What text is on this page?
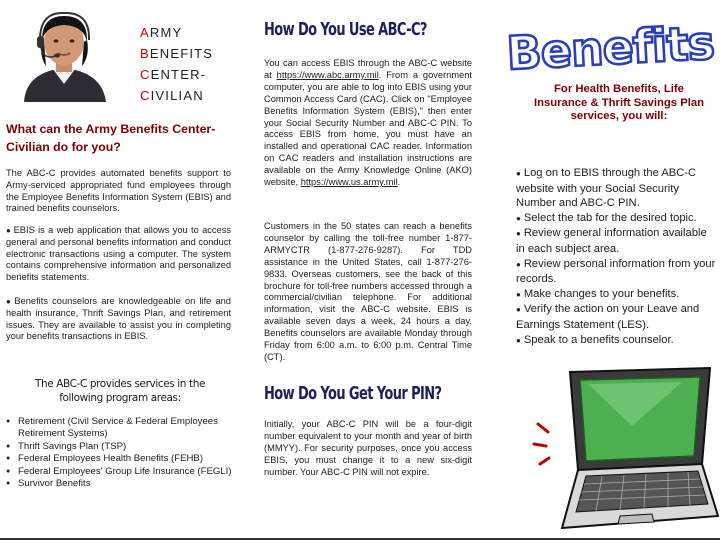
ARMY
BENEFITS
CENTER-
CIVILIAN
What can the Army Benefits Center-Civilian do for you?
The ABC-C provides automated benefits support to Army-serviced appropriated fund employees through the Employee Benefits Information System (EBIS) and trained benefits counselors.
● EBIS is a web application that allows you to access general and personal benefits information and conduct electronic transactions using a computer. The system contains comprehensive information and personalized benefits statements.
● Benefits counselors are knowledgeable on life and health insurance, Thrift Savings Plan, and retirement issues. They are available to assist you in completing your benefits transactions in EBIS.
The ABC-C provides services in the
following program areas:
● Retirement (Civil Service & Federal Employees Retirement Systems)
● Thrift Savings Plan (TSP)
● Federal Employees Health Benefits (FEHB)
● Federal Employees' Group Life Insurance (FEGLI)
● Survivor Benefits
How Do You Use ABC-C?
You can access EBIS through the ABC-C website at https://www.abc.army.mil. From a government computer, you are able to log into EBIS using your Common Access Card (CAC). Click on "Employee Benefits Information System (EBIS)," then enter your Social Security Number and ABC-C PIN. To access EBIS from home, you must have an installed and operational CAC reader. Information on CAC readers and installation instructions are available on the Army Knowledge Online (AKO) website, https://www.us.army.mil.
Customers in the 50 states can reach a benefits counselor by calling the toll-free number 1-877-ARMYCTR (1-877-276-9287). For TDD assistance in the United States, call 1-877-276-9833. Overseas customers, see the back of this brochure for toll-free numbers accessed through a commercial/civilian telephone. For additional information, visit the ABC-C website. EBIS is available seven days a week, 24 hours a day. Benefits counselors are available Monday through Friday from 6:00 a.m. to 6:00 p.m. Central Time (CT).
How Do You Get Your PIN?
Initially, your ABC-C PIN will be a four-digit number equivalent to your month and year of birth (MMYY). For security purposes, once you access EBIS, you must change it to a new six-digit number. Your ABC-C PIN will not expire.
Benefits
For Health Benefits, Life Insurance & Thrift Savings Plan services, you will:
● Log on to EBIS through the ABC-C website with your Social Security Number and ABC-C PIN.
● Select the tab for the desired topic.
● Review general information available in each subject area.
● Review personal information from your records.
● Make changes to your benefits.
● Verify the action on your Leave and Earnings Statement (LES).
● Speak to a benefits counselor.
